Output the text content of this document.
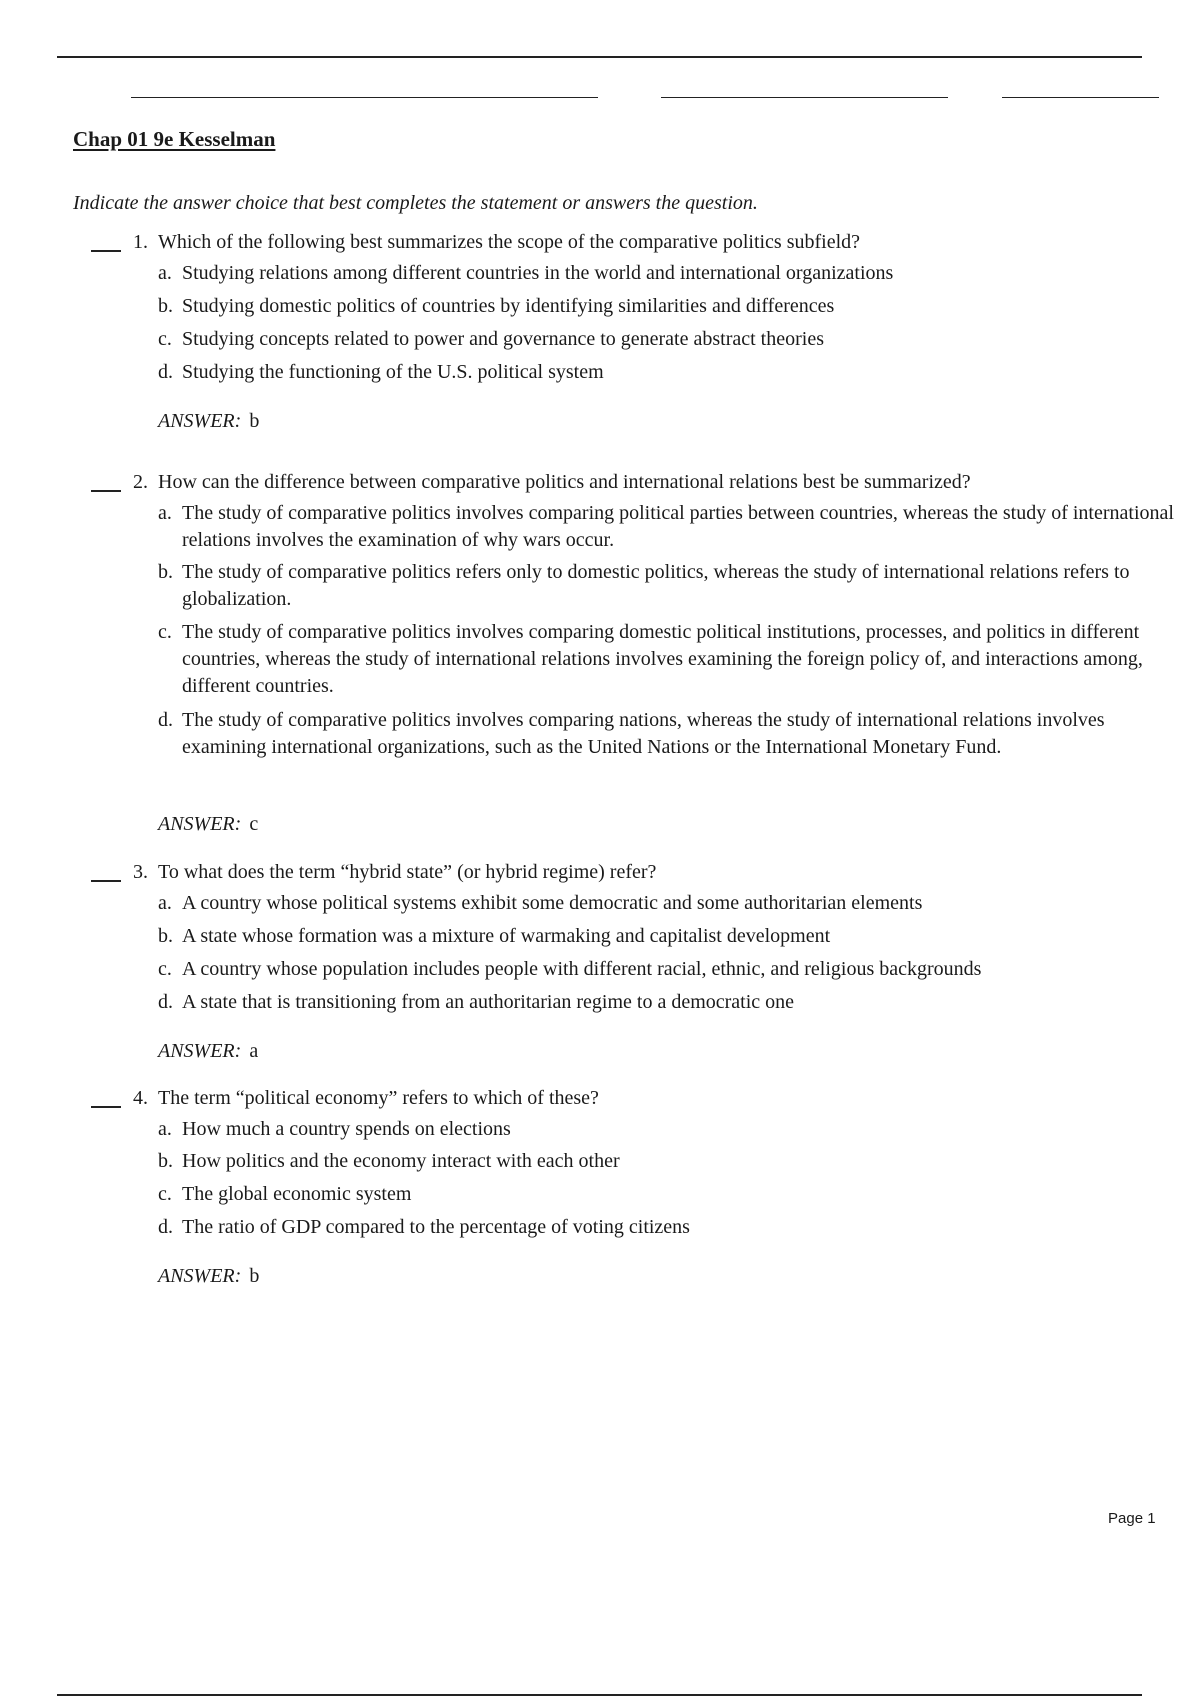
Chap 01 9e Kesselman
Indicate the answer choice that best completes the statement or answers the question.
1. Which of the following best summarizes the scope of the comparative politics subfield?
a. Studying relations among different countries in the world and international organizations
b. Studying domestic politics of countries by identifying similarities and differences
c. Studying concepts related to power and governance to generate abstract theories
d. Studying the functioning of the U.S. political system
ANSWER: b
2. How can the difference between comparative politics and international relations best be summarized?
a. The study of comparative politics involves comparing political parties between countries, whereas the study of international relations involves the examination of why wars occur.
b. The study of comparative politics refers only to domestic politics, whereas the study of international relations refers to globalization.
c. The study of comparative politics involves comparing domestic political institutions, processes, and politics in different countries, whereas the study of international relations involves examining the foreign policy of, and interactions among, different countries.
d. The study of comparative politics involves comparing nations, whereas the study of international relations involves examining international organizations, such as the United Nations or the International Monetary Fund.
ANSWER: c
3. To what does the term “hybrid state” (or hybrid regime) refer?
a. A country whose political systems exhibit some democratic and some authoritarian elements
b. A state whose formation was a mixture of warmaking and capitalist development
c. A country whose population includes people with different racial, ethnic, and religious backgrounds
d. A state that is transitioning from an authoritarian regime to a democratic one
ANSWER: a
4. The term “political economy” refers to which of these?
a. How much a country spends on elections
b. How politics and the economy interact with each other
c. The global economic system
d. The ratio of GDP compared to the percentage of voting citizens
ANSWER: b
Page 1
